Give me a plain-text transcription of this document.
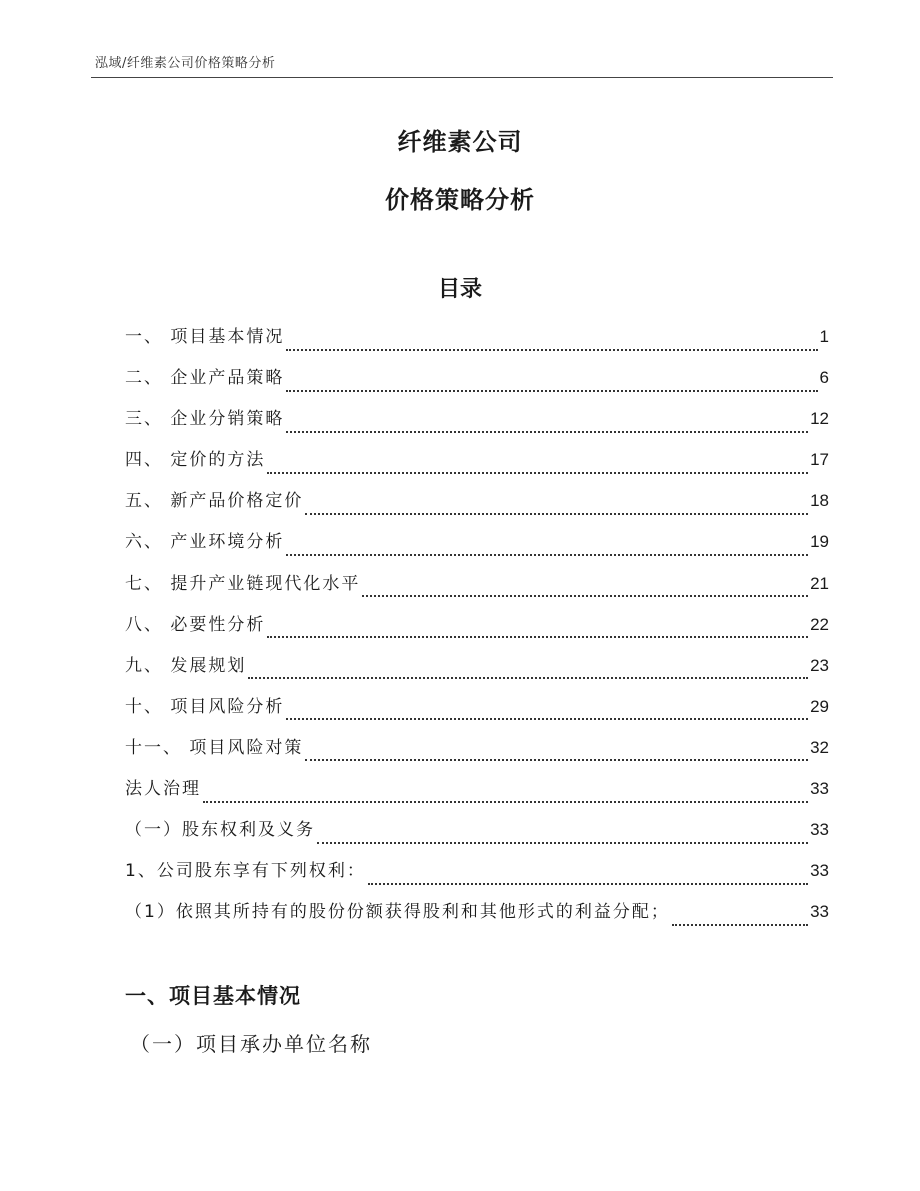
泓域/纤维素公司价格策略分析
纤维素公司
价格策略分析
目录
一、 项目基本情况	1
二、 企业产品策略	6
三、 企业分销策略	12
四、 定价的方法	17
五、 新产品价格定价	18
六、 产业环境分析	19
七、 提升产业链现代化水平	21
八、 必要性分析	22
九、 发展规划	23
十、 项目风险分析	29
十一、 项目风险对策	32
法人治理	33
（一）股东权利及义务	33
1、公司股东享有下列权利：	33
（1）依照其所持有的股份份额获得股利和其他形式的利益分配；	33
一、项目基本情况
（一）项目承办单位名称
